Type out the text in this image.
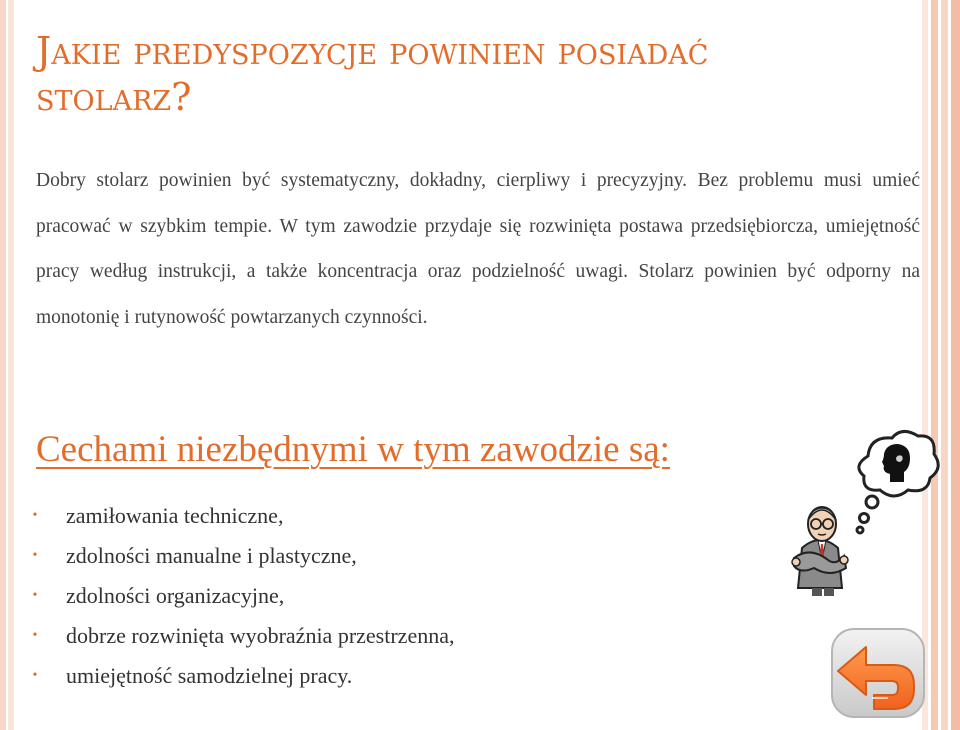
Jakie predyspozycje powinien posiadać
stolarz?

Dobry stolarz powinien być systematyczny, dokładny, cierpliwy i precyzyjny. Bez problemu musi umieć pracować w szybkim tempie. W tym zawodzie przydaje się rozwinięta postawa przedsiębiorcza, umiejętność pracy według instrukcji, a także koncentracja oraz podzielność uwagi. Stolarz powinien być odporny na monotonię i rutynowość powtarzanych czynności.

Cechami niezbędnymi w tym zawodzie są:
• zamiłowania techniczne,
• zdolności manualne i plastyczne,
• zdolności organizacyjne,
• dobrze rozwinięta wyobraźnia przestrzenna,
• umiejętność samodzielnej pracy.
